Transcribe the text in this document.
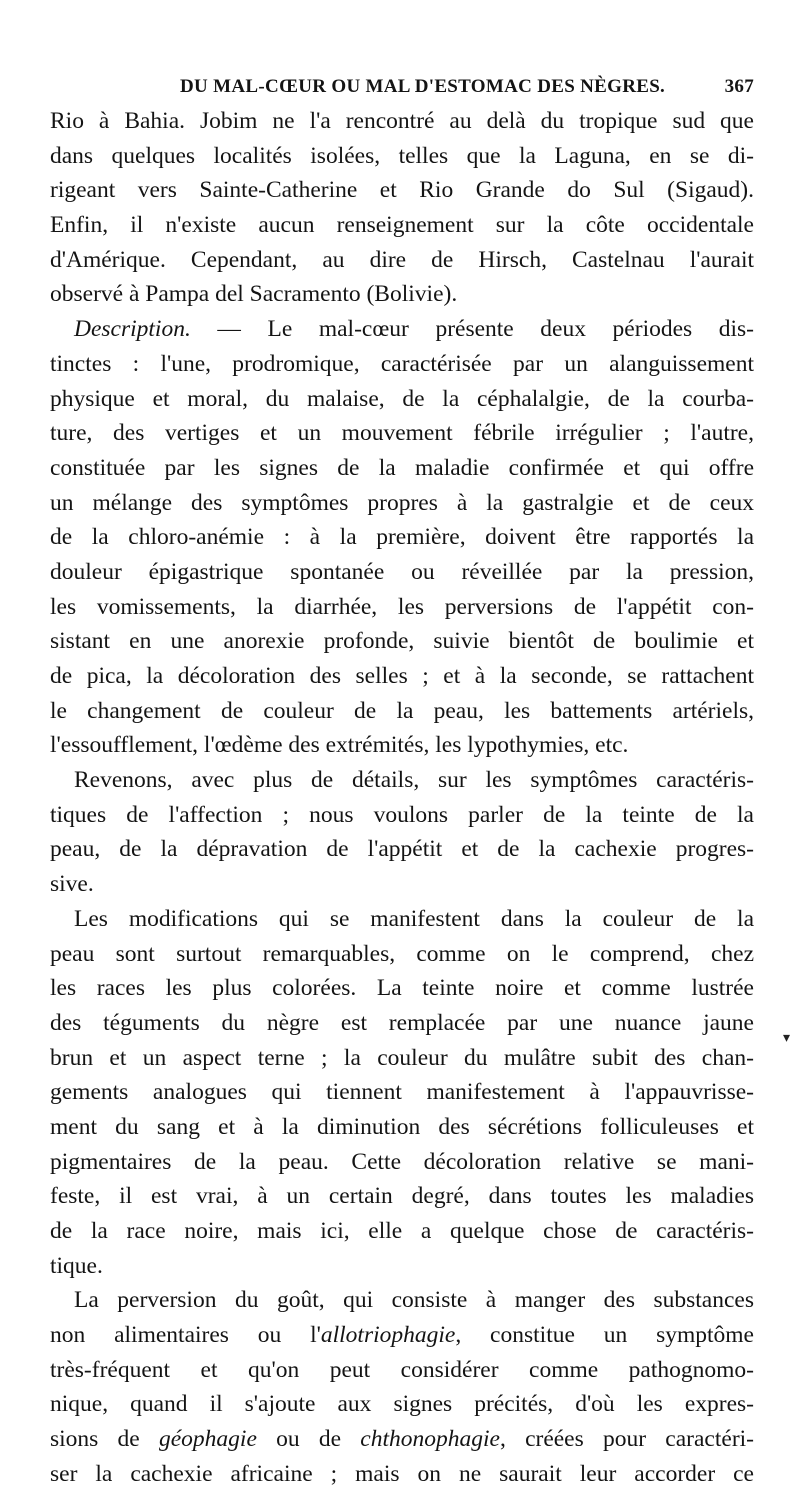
DU MAL-CŒUR OU MAL D'ESTOMAC DES NÈGRES.	367
Rio à Bahia. Jobim ne l'a rencontré au delà du tropique sud que
dans quelques localités isolées, telles que la Laguna, en se di-
rigeant vers Sainte-Catherine et Rio Grande do Sul (Sigaud).
Enfin, il n'existe aucun renseignement sur la côte occidentale
d'Amérique. Cependant, au dire de Hirsch, Castelnau l'aurait
observé à Pampa del Sacramento (Bolivie).
Description. — Le mal-cœur présente deux périodes dis-
tinctes : l'une, prodromique, caractérisée par un alanguissement
physique et moral, du malaise, de la céphalalgie, de la courba-
ture, des vertiges et un mouvement fébrile irrégulier ; l'autre,
constituée par les signes de la maladie confirmée et qui offre
un mélange des symptômes propres à la gastralgie et de ceux
de la chloro-anémie : à la première, doivent être rapportés la
douleur épigastrique spontanée ou réveillée par la pression,
les vomissements, la diarrhée, les perversions de l'appétit con-
sistant en une anorexie profonde, suivie bientôt de boulimie et
de pica, la décoloration des selles ; et à la seconde, se rattachent
le changement de couleur de la peau, les battements artériels,
l'essoufflement, l'œdème des extrémités, les lypothymies, etc.
Revenons, avec plus de détails, sur les symptômes caractéris-
tiques de l'affection ; nous voulons parler de la teinte de la
peau, de la dépravation de l'appétit et de la cachexie progres-
sive.
Les modifications qui se manifestent dans la couleur de la
peau sont surtout remarquables, comme on le comprend, chez
les races les plus colorées. La teinte noire et comme lustrée
des téguments du nègre est remplacée par une nuance jaune
brun et un aspect terne ; la couleur du mulâtre subit des chan-
gements analogues qui tiennent manifestement à l'appauvrisse-
ment du sang et à la diminution des sécrétions folliculeuses et
pigmentaires de la peau. Cette décoloration relative se mani-
feste, il est vrai, à un certain degré, dans toutes les maladies
de la race noire, mais ici, elle a quelque chose de caractéris-
tique.
La perversion du goût, qui consiste à manger des substances
non alimentaires ou l'allotriophagie, constitue un symptôme
très-fréquent et qu'on peut considérer comme pathognomo-
nique, quand il s'ajoute aux signes précités, d'où les expres-
sions de géophagie ou de chthonophagie, créées pour caractéri-
ser la cachexie africaine ; mais on ne saurait leur accorder ce
▾
